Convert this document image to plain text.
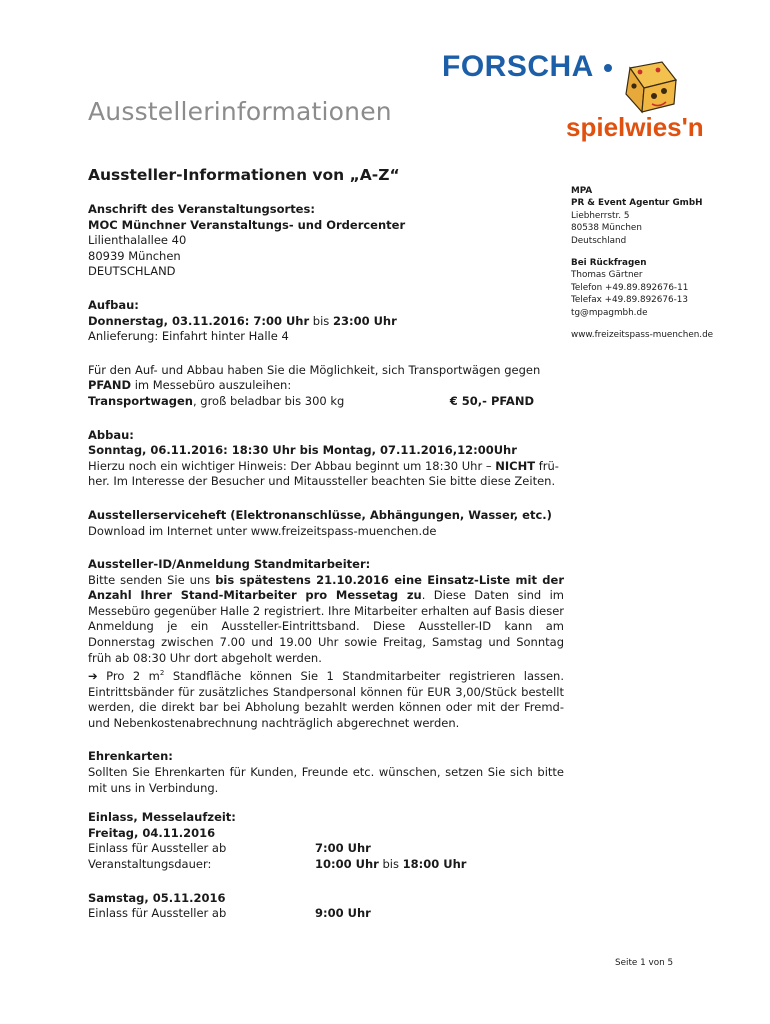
Ausstellerinformationen
FORSCHA
spielwies'n
Aussteller-Informationen von „A-Z“
Anschrift des Veranstaltungsortes:
MOC Münchner Veranstaltungs- und Ordercenter
Lilienthalallee 40
80939 München
DEUTSCHLAND
Aufbau:
Donnerstag, 03.11.2016: 7:00 Uhr bis 23:00 Uhr
Anlieferung: Einfahrt hinter Halle 4
Für den Auf- und Abbau haben Sie die Möglichkeit, sich Transportwägen gegen
PFAND im Messebüro auszuleihen:
Transportwagen, groß beladbar bis 300 kg	€ 50,- PFAND
Abbau:
Sonntag, 06.11.2016: 18:30 Uhr bis Montag, 07.11.2016,12:00Uhr
Hierzu noch ein wichtiger Hinweis: Der Abbau beginnt um 18:30 Uhr – NICHT frü-
her. Im Interesse der Besucher und Mitaussteller beachten Sie bitte diese Zeiten.
Ausstellerserviceheft (Elektronanschlüsse, Abhängungen, Wasser, etc.)
Download im Internet unter www.freizeitspass-muenchen.de
Aussteller-ID/Anmeldung Standmitarbeiter:
Bitte senden Sie uns bis spätestens 21.10.2016 eine Einsatz-Liste mit der Anzahl Ihrer Stand-Mitarbeiter pro Messetag zu. Diese Daten sind im Messebüro gegenüber Halle 2 registriert. Ihre Mitarbeiter erhalten auf Basis dieser Anmeldung je ein Aussteller-Eintrittsband. Diese Aussteller-ID kann am Donnerstag zwischen 7.00 und 19.00 Uhr sowie Freitag, Samstag und Sonntag früh ab 08:30 Uhr dort abgeholt werden.
➔ Pro 2 $m^2$ Standfläche können Sie 1 Standmitarbeiter registrieren lassen. Eintrittsbänder für zusätzliches Standpersonal können für EUR 3,00/Stück bestellt werden, die direkt bar bei Abholung bezahlt werden können oder mit der Fremd- und Nebenkostenabrechnung nachträglich abgerechnet werden.
Ehrenkarten:
Sollten Sie Ehrenkarten für Kunden, Freunde etc. wünschen, setzen Sie sich bitte mit uns in Verbindung.
Einlass, Messelaufzeit:
Freitag, 04.11.2016
Einlass für Aussteller ab	7:00 Uhr
Veranstaltungsdauer:	10:00 Uhr bis 18:00 Uhr
Samstag, 05.11.2016
Einlass für Aussteller ab	9:00 Uhr
MPA
PR & Event Agentur GmbH
Liebherrstr. 5
80538 München
Deutschland
Bei Rückfragen
Thomas Gärtner
Telefon +49.89.892676-11
Telefax +49.89.892676-13
tg@mpagmbh.de
www.freizeitspass-muenchen.de
Seite 1 von 5
